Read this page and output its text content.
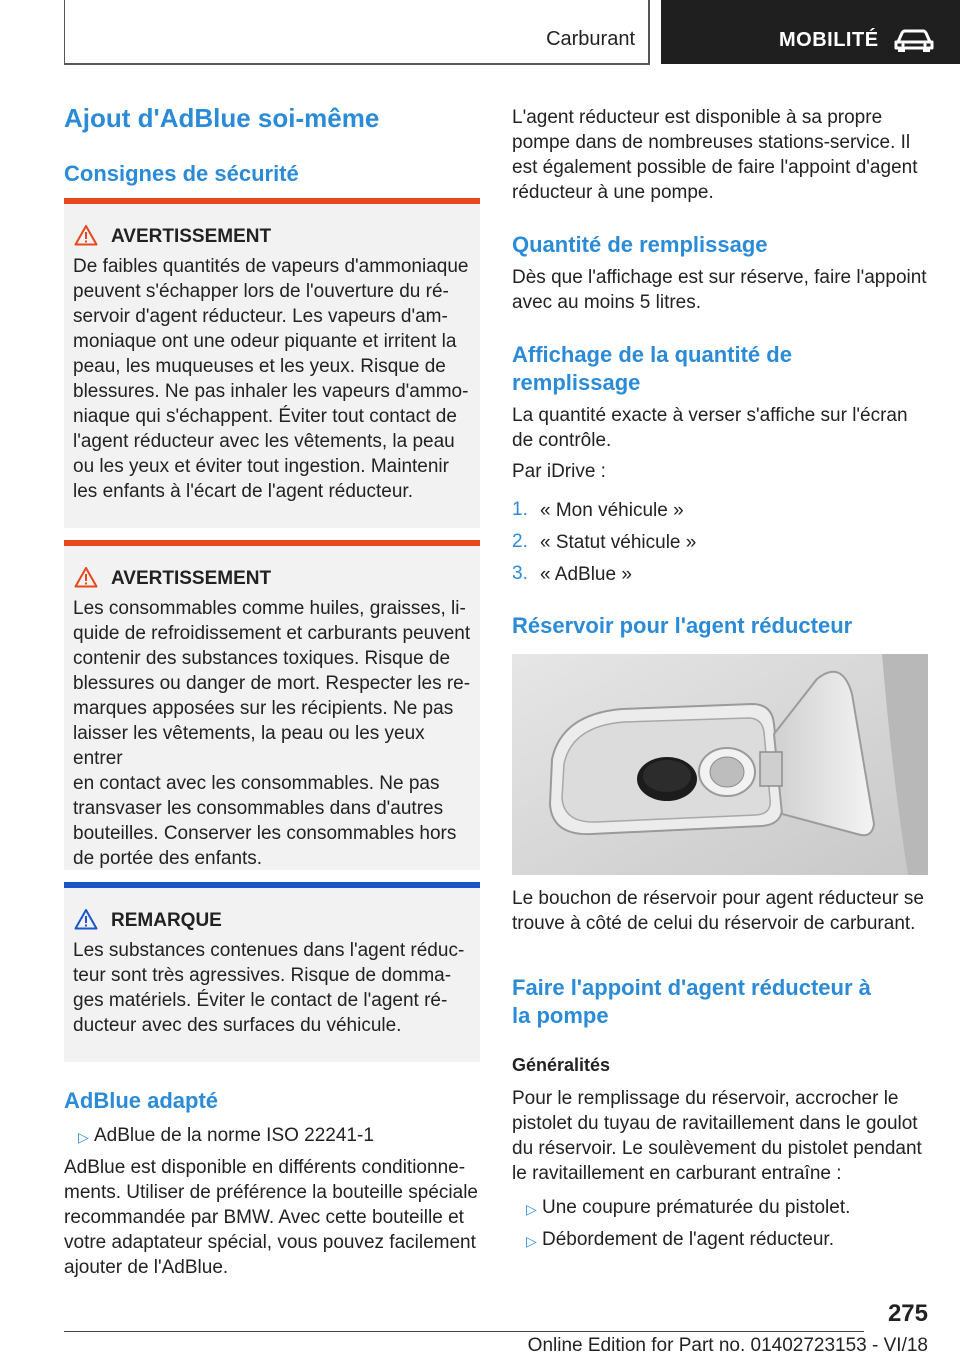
Carburant	MOBILITÉ
Ajout d'AdBlue soi-même
Consignes de sécurité
AVERTISSEMENT

De faibles quantités de vapeurs d'ammoniaque
peuvent s'échapper lors de l'ouverture du ré-
servoir d'agent réducteur. Les vapeurs d'am-
moniaque ont une odeur piquante et irritent la
peau, les muqueuses et les yeux. Risque de
blessures. Ne pas inhaler les vapeurs d'ammo-
niaque qui s'échappent. Éviter tout contact de
l'agent réducteur avec les vêtements, la peau
ou les yeux et éviter tout ingestion. Maintenir
les enfants à l'écart de l'agent réducteur.

AVERTISSEMENT

Les consommables comme huiles, graisses, li-
quide de refroidissement et carburants peuvent
contenir des substances toxiques. Risque de
blessures ou danger de mort. Respecter les re-
marques apposées sur les récipients. Ne pas
laisser les vêtements, la peau ou les yeux entrer
en contact avec les consommables. Ne pas
transvaser les consommables dans d'autres
bouteilles. Conserver les consommables hors
de portée des enfants.

REMARQUE

Les substances contenues dans l'agent réduc-
teur sont très agressives. Risque de domma-
ges matériels. Éviter le contact de l'agent ré-
ducteur avec des surfaces du véhicule.

AdBlue adapté
▷ AdBlue de la norme ISO 22241-1

AdBlue est disponible en différents conditionne-
ments. Utiliser de préférence la bouteille spéciale
recommandée par BMW. Avec cette bouteille et
votre adaptateur spécial, vous pouvez facilement
ajouter de l'AdBlue.

L'agent réducteur est disponible à sa propre
pompe dans de nombreuses stations-service. Il
est également possible de faire l'appoint d'agent
réducteur à une pompe.

Quantité de remplissage

Dès que l'affichage est sur réserve, faire l'appoint
avec au moins 5 litres.

Affichage de la quantité de
remplissage

La quantité exacte à verser s'affiche sur l'écran
de contrôle.

Par iDrive :
1. « Mon véhicule »
2. « Statut véhicule »
3. « AdBlue »
Réservoir pour l'agent réducteur

Le bouchon de réservoir pour agent réducteur se
trouve à côté de celui du réservoir de carburant.

Faire l'appoint d'agent réducteur à
la pompe
Généralités

Pour le remplissage du réservoir, accrocher le
pistolet du tuyau de ravitaillement dans le goulot
du réservoir. Le soulèvement du pistolet pendant
le ravitaillement en carburant entraîne :

▷ Une coupure prématurée du pistolet.
▷ Débordement de l'agent réducteur.
275
Online Edition for Part no. 01402723153 - VI/18
